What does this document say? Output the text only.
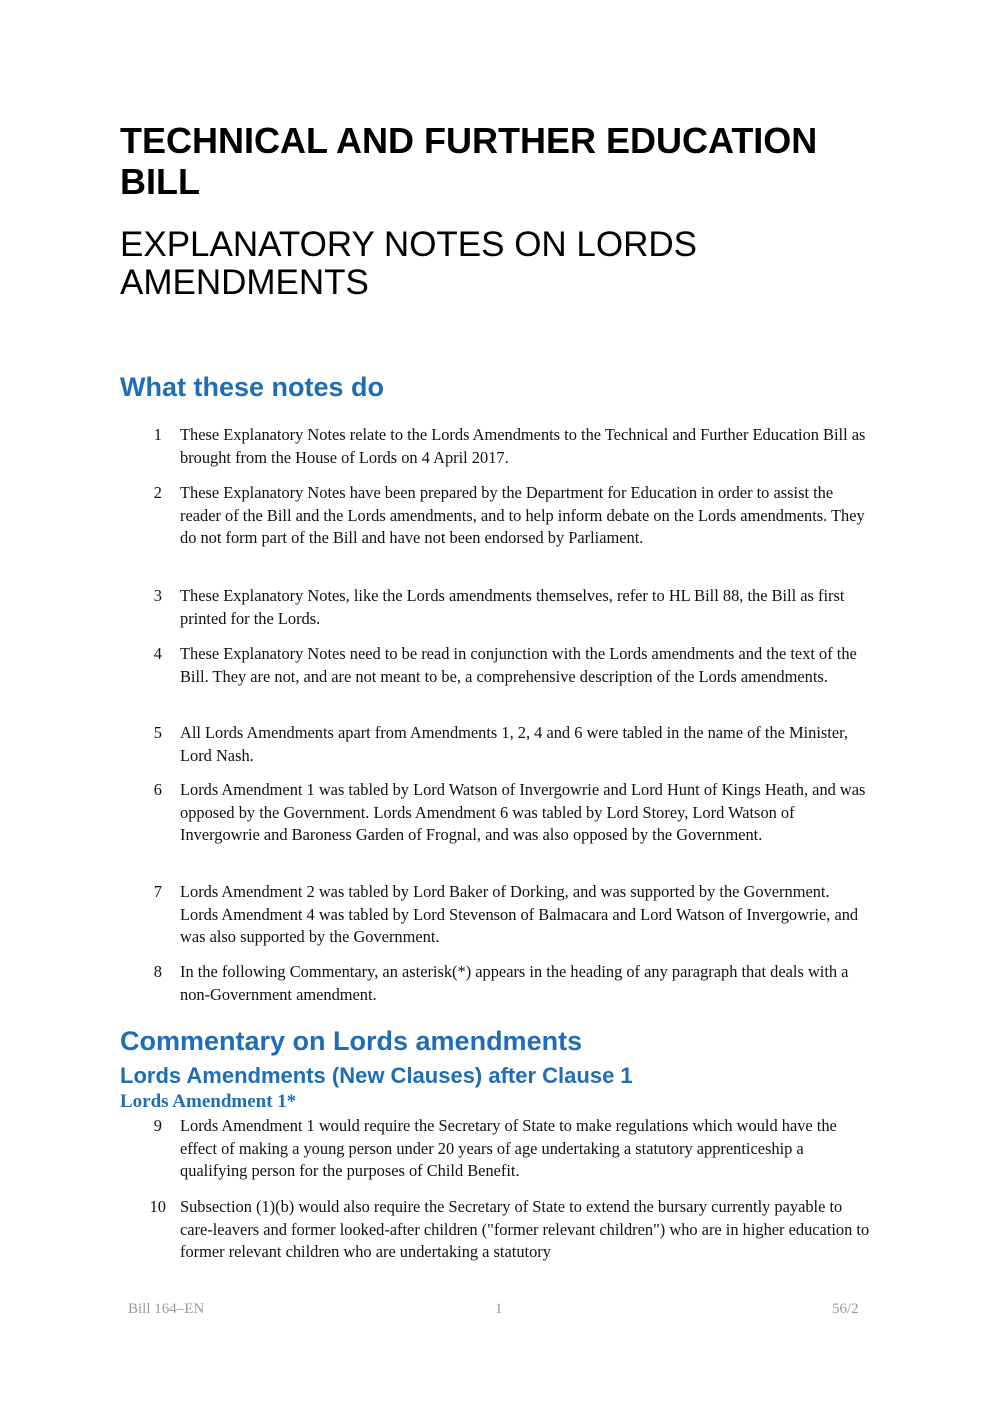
TECHNICAL AND FURTHER EDUCATION BILL
EXPLANATORY NOTES ON LORDS AMENDMENTS
What these notes do
1	These Explanatory Notes relate to the Lords Amendments to the Technical and Further Education Bill as brought from the House of Lords on 4 April 2017.
2	These Explanatory Notes have been prepared by the Department for Education in order to assist the reader of the Bill and the Lords amendments, and to help inform debate on the Lords amendments. They do not form part of the Bill and have not been endorsed by Parliament.
3	These Explanatory Notes, like the Lords amendments themselves, refer to HL Bill 88, the Bill as first printed for the Lords.
4	These Explanatory Notes need to be read in conjunction with the Lords amendments and the text of the Bill. They are not, and are not meant to be, a comprehensive description of the Lords amendments.
5	All Lords Amendments apart from Amendments 1, 2, 4 and 6 were tabled in the name of the Minister, Lord Nash.
6	Lords Amendment 1 was tabled by Lord Watson of Invergowrie and Lord Hunt of Kings Heath, and was opposed by the Government. Lords Amendment 6 was tabled by Lord Storey, Lord Watson of Invergowrie and Baroness Garden of Frognal, and was also opposed by the Government.
7	Lords Amendment 2 was tabled by Lord Baker of Dorking, and was supported by the Government. Lords Amendment 4 was tabled by Lord Stevenson of Balmacara and Lord Watson of Invergowrie, and was also supported by the Government.
8	In the following Commentary, an asterisk(*) appears in the heading of any paragraph that deals with a non-Government amendment.
Commentary on Lords amendments
Lords Amendments (New Clauses) after Clause 1
Lords Amendment 1*
9	Lords Amendment 1 would require the Secretary of State to make regulations which would have the effect of making a young person under 20 years of age undertaking a statutory apprenticeship a qualifying person for the purposes of Child Benefit.
10 Subsection (1)(b) would also require the Secretary of State to extend the bursary currently payable to care-leavers and former looked-after children ("former relevant children") who are in higher education to former relevant children who are undertaking a statutory
Bill 164–EN	1	56/2
